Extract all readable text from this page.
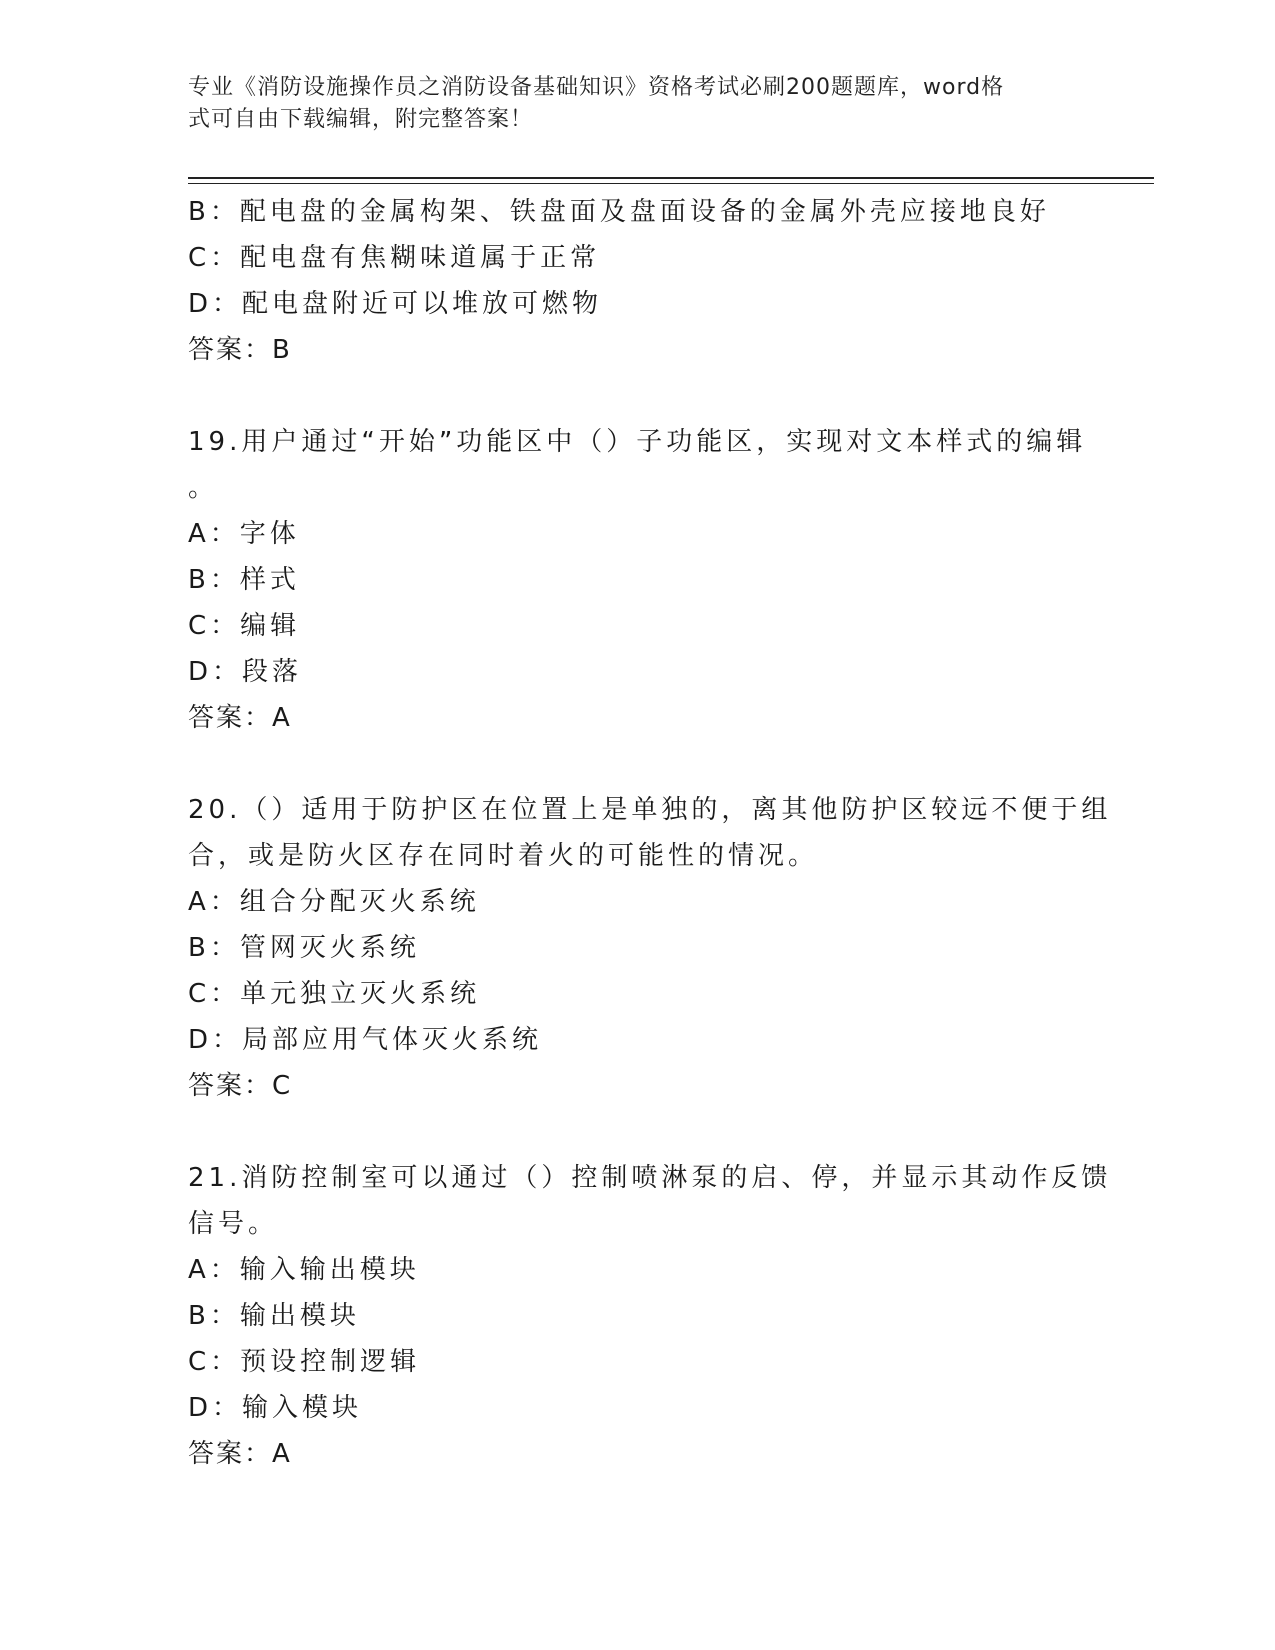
专业《消防设施操作员之消防设备基础知识》资格考试必刷200题题库，word格
式可自由下载编辑，附完整答案！
B：配电盘的金属构架、铁盘面及盘面设备的金属外壳应接地良好
C：配电盘有焦糊味道属于正常
D：配电盘附近可以堆放可燃物
答案：B
19.用户通过“开始”功能区中（）子功能区，实现对文本样式的编辑
。
A：字体
B：样式
C：编辑
D：段落
答案：A
20.（）适用于防护区在位置上是单独的，离其他防护区较远不便于组
合，或是防火区存在同时着火的可能性的情况。
A：组合分配灭火系统
B：管网灭火系统
C：单元独立灭火系统
D：局部应用气体灭火系统
答案：C
21.消防控制室可以通过（）控制喷淋泵的启、停，并显示其动作反馈
信号。
A：输入输出模块
B：输出模块
C：预设控制逻辑
D：输入模块
答案：A
